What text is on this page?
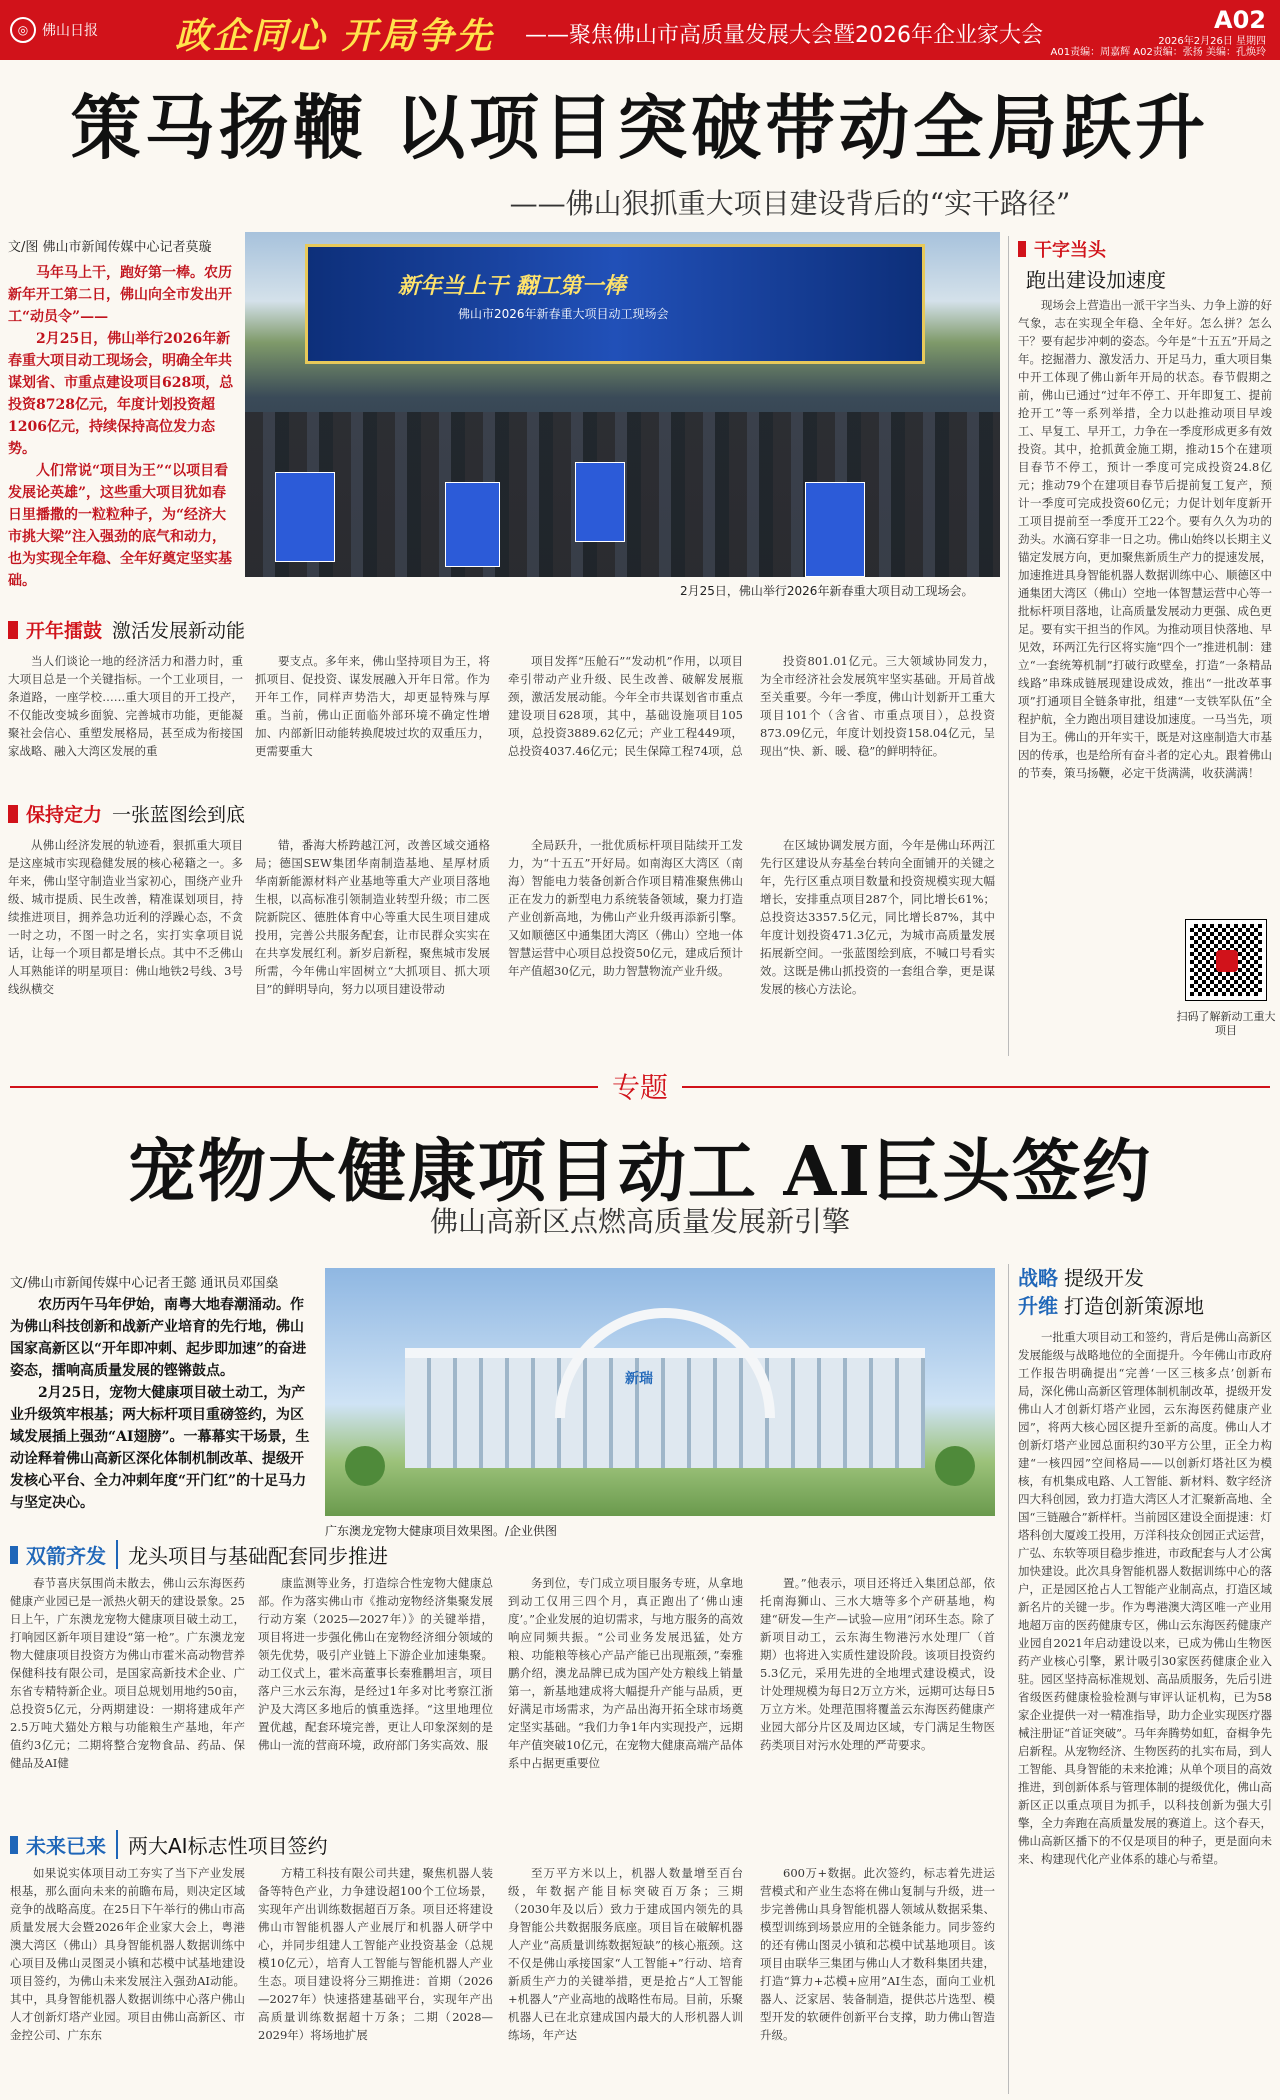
◎ 佛山日报 政企同心 开局争先 ——聚焦佛山市高质量发展大会暨2026年企业家大会
A02
2026年2月26日 星期四
A01责编：周嘉辉 A02责编：张扬 美编：孔焕玲
策马扬鞭 以项目突破带动全局跃升
——佛山狠抓重大项目建设背后的“实干路径”
文/图 佛山市新闻传媒中心记者莫璇

马年马上干，跑好第一棒。农历新年开工第二日，佛山向全市发出开工“动员令”——

2月25日，佛山举行2026年新春重大项目动工现场会，明确全年共谋划省、市重点建设项目628项，总投资8728亿元，年度计划投资超1206亿元，持续保持高位发力态势。

人们常说“项目为王”“以项目看发展论英雄”，这些重大项目犹如春日里播撒的一粒粒种子，为“经济大市挑大梁”注入强劲的底气和动力，也为实现全年稳、全年好奠定坚实基础。

新年当上干 翻工第一棒
佛山市2026年新春重大项目动工现场会
2月25日，佛山举行2026年新春重大项目动工现场会。
开年擂鼓 激活发展新动能

当人们谈论一地的经济活力和潜力时，重大项目总是一个关键指标。一个工业项目，一条道路，一座学校……重大项目的开工投产，不仅能改变城乡面貌、完善城市功能，更能凝聚社会信心、重塑发展格局，甚至成为衔接国家战略、融入大湾区发展的重

要支点。多年来，佛山坚持项目为王，将抓项目、促投资、谋发展融入开年日常。作为开年工作，同样声势浩大，却更显特殊与厚重。当前，佛山正面临外部环境不确定性增加、内部新旧动能转换爬坡过坎的双重压力，更需要重大

项目发挥“压舱石”“发动机”作用，以项目牵引带动产业升级、民生改善、破解发展瓶颈，激活发展动能。今年全市共谋划省市重点建设项目628项，其中，基础设施项目105项，总投资3889.62亿元；产业工程449项，总投资4037.46亿元；民生保障工程74项，总

投资801.01亿元。三大领域协同发力，为全市经济社会发展筑牢坚实基础。开局首战至关重要。今年一季度，佛山计划新开工重大项目101个（含省、市重点项目），总投资873.09亿元，年度计划投资158.04亿元，呈现出“快、新、暖、稳”的鲜明特征。

保持定力 一张蓝图绘到底

从佛山经济发展的轨迹看，狠抓重大项目是这座城市实现稳健发展的核心秘籍之一。多年来，佛山坚守制造业当家初心，围绕产业升级、城市提质、民生改善，精准谋划项目，持续推进项目，拥养急功近利的浮躁心态，不贪一时之功，不图一时之名，实打实拿项目说话，让每一个项目都是增长点。其中不乏佛山人耳熟能详的明星项目：佛山地铁2号线、3号线纵横交

错，番海大桥跨越江河，改善区域交通格局；德国SEW集团华南制造基地、星厚材质华南新能源材料产业基地等重大产业项目落地生根，以高标准引领制造业转型升级；市二医院新院区、德胜体育中心等重大民生项目建成投用，完善公共服务配套，让市民群众实实在在共享发展红利。新岁启新程，聚焦城市发展所需，今年佛山牢固树立“大抓项目、抓大项目”的鲜明导向，努力以项目建设带动

全局跃升，一批优质标杆项目陆续开工发力，为“十五五”开好局。如南海区大湾区（南海）智能电力装备创新合作项目精准聚焦佛山正在发力的新型电力系统装备领域，聚力打造产业创新高地，为佛山产业升级再添新引擎。又如顺德区中通集团大湾区（佛山）空地一体智慧运营中心项目总投资50亿元，建成后预计年产值超30亿元，助力智慧物流产业升级。

在区域协调发展方面，今年是佛山环两江先行区建设从夯基垒台转向全面铺开的关键之年，先行区重点项目数量和投资规模实现大幅增长，安排重点项目287个，同比增长61%；总投资达3357.5亿元，同比增长87%，其中年度计划投资471.3亿元，为城市高质量发展拓展新空间。一张蓝图绘到底，不喊口号看实效。这既是佛山抓投资的一套组合拳，更是谋发展的核心方法论。

干字当头
跑出建设加速度

现场会上营造出一派干字当头、力争上游的好气象，志在实现全年稳、全年好。怎么拼？怎么干？要有起步冲刺的姿态。今年是“十五五”开局之年。挖掘潜力、激发活力、开足马力，重大项目集中开工体现了佛山新年开局的状态。春节假期之前，佛山已通过“过年不停工、开年即复工、提前抢开工”等一系列举措，全力以赴推动项目早竣工、早复工、早开工，力争在一季度形成更多有效投资。其中，抢抓黄金施工期，推动15个在建项目春节不停工，预计一季度可完成投资24.8亿元；推动79个在建项目春节后提前复工复产，预计一季度可完成投资60亿元；力促计划年度新开工项目提前至一季度开工22个。要有久久为功的劲头。水滴石穿非一日之功。佛山始终以长期主义锚定发展方向，更加聚焦新质生产力的提速发展，加速推进具身智能机器人数据训练中心、顺德区中通集团大湾区（佛山）空地一体智慧运营中心等一批标杆项目落地，让高质量发展动力更强、成色更足。要有实干担当的作风。为推动项目快落地、早见效，环两江先行区将实施“四个一”推进机制：建立“一套统筹机制”打破行政壁垒，打造“一条精品线路”串珠成链展现建设成效，推出“一批改革事项”打通项目全链条审批，组建“一支铁军队伍”全程护航，全力跑出项目建设加速度。一马当先，项目为王。佛山的开年实干，既是对这座制造大市基因的传承，也是给所有奋斗者的定心丸。跟着佛山的节奏，策马扬鞭，必定干货满满，收获满满！

扫码了解新动工重大项目
专题
宠物大健康项目动工 AI巨头签约
佛山高新区点燃高质量发展新引擎
文/佛山市新闻传媒中心记者王懿 通讯员邓国燊

农历丙午马年伊始，南粤大地春潮涌动。作为佛山科技创新和战新产业培育的先行地，佛山国家高新区以“开年即冲刺、起步即加速”的奋进姿态，擂响高质量发展的铿锵鼓点。

2月25日，宠物大健康项目破土动工，为产业升级筑牢根基；两大标杆项目重磅签约，为区域发展插上强劲“AI翅膀”。一幕幕实干场景，生动诠释着佛山高新区深化体制机制改革、提级开发核心平台、全力冲刺年度“开门红”的十足马力与坚定决心。

新瑞
广东澳龙宠物大健康项目效果图。/企业供图
战略 提级开发
升维 打造创新策源地

一批重大项目动工和签约，背后是佛山高新区发展能级与战略地位的全面提升。今年佛山市政府工作报告明确提出“完善‘一区三核多点’创新布局，深化佛山高新区管理体制机制改革，提级开发佛山人才创新灯塔产业园，云东海医药健康产业园”，将两大核心园区提升至新的高度。佛山人才创新灯塔产业园总面积约30平方公里，正全力构建“一核四园”空间格局——以创新灯塔社区为模核，有机集成电路、人工智能、新材料、数字经济四大科创园，致力打造大湾区人才汇聚新高地、全国“三链融合”新样杆。当前园区建设全面提速：灯塔科创大厦竣工投用，万洋科技众创园正式运营，广弘、东软等项目稳步推进，市政配套与人才公寓加快建设。此次具身智能机器人数据训练中心的落户，正是园区抢占人工智能产业制高点，打造区域新名片的关键一步。作为粤港澳大湾区唯一产业用地超万亩的医药健康专区，佛山云东海医药健康产业园自2021年启动建设以来，已成为佛山生物医药产业核心引擎，累计吸引30家医药健康企业入驻。园区坚持高标准规划、高品质服务，先后引进省级医药健康检验检测与审评认证机构，已为58家企业提供一对一精准指导，助力企业实现医疗器械注册证“首证突破”。马年奔腾势如虹，奋楫争先启新程。从宠物经济、生物医药的扎实布局，到人工智能、具身智能的未来抢滩；从单个项目的高效推进，到创新体系与管理体制的提级优化，佛山高新区正以重点项目为抓手，以科技创新为强大引擎，全力奔跑在高质量发展的赛道上。这个春天，佛山高新区播下的不仅是项目的种子，更是面向未来、构建现代化产业体系的雄心与希望。

双箭齐发	龙头项目与基础配套同步推进

春节喜庆氛围尚未散去，佛山云东海医药健康产业园已是一派热火朝天的建设景象。25日上午，广东澳龙宠物大健康项目破土动工，打响园区新年项目建设“第一枪”。广东澳龙宠物大健康项目投资方为佛山市霍米高动物营养保健科技有限公司，是国家高新技术企业、广东省专精特新企业。项目总规划用地约50亩，总投资5亿元，分两期建设：一期将建成年产2.5万吨犬猫处方粮与功能粮生产基地，年产值约3亿元；二期将整合宠物食品、药品、保健品及AI健

康监测等业务，打造综合性宠物大健康总部。作为落实佛山市《推动宠物经济集聚发展行动方案（2025—2027年）》的关键举措，项目将进一步强化佛山在宠物经济细分领域的领先优势，吸引产业链上下游企业加速集聚。动工仪式上，霍米高董事长秦雅鹏坦言，项目落户三水云东海，是经过1年多对比考察江浙沪及大湾区多地后的慎重选择。“这里地理位置优越，配套环境完善，更让人印象深刻的是佛山一流的营商环境，政府部门务实高效、服

务到位，专门成立项目服务专班，从拿地到动工仅用三四个月，真正跑出了‘佛山速度’。”企业发展的迫切需求，与地方服务的高效响应同频共振。“公司业务发展迅猛，处方粮、功能粮等核心产品产能已出现瓶颈，”秦雅鹏介绍，澳龙品牌已成为国产处方粮线上销量第一，新基地建成将大幅提升产能与品质，更好满足市场需求，为产品出海开拓全球市场奠定坚实基础。“我们力争1年内实现投产，远期年产值突破10亿元，在宠物大健康高端产品体系中占据更重要位

置。”他表示，项目还将迁入集团总部，依托南海狮山、三水大塘等多个产研基地，构建“研发—生产—试验—应用”闭环生态。除了新项目动工，云东海生物港污水处理厂（首期）也将进入实质性建设阶段。该项目投资约5.3亿元，采用先进的全地埋式建设模式，设计处理规模为每日2万立方米，远期可达每日5万立方米。处理范围将覆盖云东海医药健康产业园大部分片区及周边区域，专门满足生物医药类项目对污水处理的严苛要求。

未来已来	两大AI标志性项目签约

如果说实体项目动工夯实了当下产业发展根基，那么面向未来的前瞻布局，则决定区域竞争的战略高度。在25日下午举行的佛山市高质量发展大会暨2026年企业家大会上，粤港澳大湾区（佛山）具身智能机器人数据训练中心项目及佛山灵图灵小镇和芯模中试基地建设项目签约，为佛山未来发展注入强劲AI动能。其中，具身智能机器人数据训练中心落户佛山人才创新灯塔产业园。项目由佛山高新区、市金控公司、广东东

方精工科技有限公司共建，聚焦机器人装备等特色产业，力争建设超100个工位场景，实现年产出训练数据超百万条。项目还将建设佛山市智能机器人产业展厅和机器人研学中心，并同步组建人工智能产业投资基金（总规模10亿元），培育人工智能与智能机器人产业生态。项目建设将分三期推进：首期（2026—2027年）快速搭建基础平台，实现年产出高质量训练数据超十万条；二期（2028—2029年）将场地扩展

至万平方米以上，机器人数量增至百台级，年数据产能目标突破百万条；三期（2030年及以后）致力于建成国内领先的具身智能公共数据服务底座。项目旨在破解机器人产业“高质量训练数据短缺”的核心瓶颈。这不仅是佛山承接国家“人工智能+”行动、培育新质生产力的关键举措，更是抢占“人工智能+机器人”产业高地的战略性布局。目前，乐聚机器人已在北京建成国内最大的人形机器人训练场，年产达

600万+数据。此次签约，标志着先进运营模式和产业生态将在佛山复制与升级，进一步完善佛山具身智能机器人领域从数据采集、模型训练到场景应用的全链条能力。同步签约的还有佛山图灵小镇和芯模中试基地项目。该项目由联华三集团与佛山人才数科集团共建，打造“算力+芯模+应用”AI生态，面向工业机器人、泛家居、装备制造，提供芯片选型、模型开发的软硬件创新平台支撑，助力佛山智造升级。
